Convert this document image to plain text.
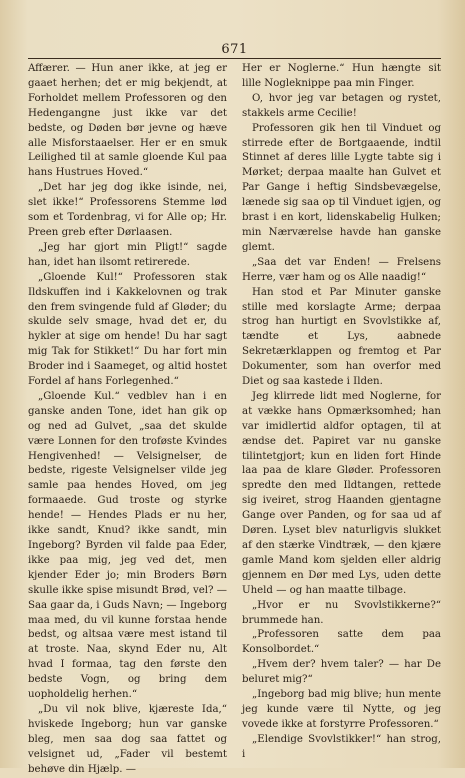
671

Affærer. — Hun aner ikke, at jeg er gaaet herhen; det er mig bekjendt, at Forholdet mellem Professoren og den Hedengangne just ikke var det bedste, og Døden bør jevne og hæve alle Misforstaaelser. Her er en smuk Leilighed til at samle gloende Kul paa hans Hustrues Hoved.“

„Det har jeg dog ikke isinde, nei, slet ikke!“ Professorens Stemme lød som et Tordenbrag, vi for Alle op; Hr. Preen greb efter Dørlaasen.

„Jeg har gjort min Pligt!“ sagde han, idet han ilsomt retirerede.

„Gloende Kul!“ Professoren stak Ildskuffen ind i Kakkelovnen og trak den frem svingende fuld af Gløder; du skulde selv smage, hvad det er, du hykler at sige om hende! Du har sagt mig Tak for Stikket!“ Du har fort min Broder ind i Saameget, og altid hostet Fordel af hans Forlegenhed.“

„Gloende Kul.“ vedblev han i en ganske anden Tone, idet han gik op og ned ad Gulvet, „saa det skulde være Lonnen for den troføste Kvindes Hengivenhed! — Velsignelser, de bedste, rigeste Velsignelser vilde jeg samle paa hendes Hoved, om jeg formaaede. Gud troste og styrke hende! — Hendes Plads er nu her, ikke sandt, Knud? ikke sandt, min Ingeborg? Byrden vil falde paa Eder, ikke paa mig, jeg ved det, men kjender Eder jo; min Broders Børn skulle ikke spise misundt Brød, vel? — Saa gaar da, i Guds Navn; — Ingeborg maa med, du vil kunne forstaa hende bedst, og altsaa være mest istand til at troste. Naa, skynd Eder nu, Alt hvad I formaa, tag den første den bedste Vogn, og bring dem uopholdelig herhen.“

„Du vil nok blive, kjæreste Ida,“ hviskede Ingeborg; hun var ganske bleg, men saa dog saa fattet og velsignet ud, „Fader vil bestemt behøve din Hjælp. —

Her er Noglerne.“ Hun hængte sit lille Nogleknippe paa min Finger.

O, hvor jeg var betagen og rystet, stakkels arme Cecilie!

Professoren gik hen til Vinduet og stirrede efter de Bortgaaende, indtil Stinnet af deres lille Lygte tabte sig i Mørket; derpaa maalte han Gulvet et Par Gange i heftig Sindsbevægelse, lænede sig saa op til Vinduet igjen, og brast i en kort, lidenskabelig Hulken; min Nærværelse havde han ganske glemt.

„Saa det var Enden! — Frelsens Herre, vær ham og os Alle naadig!“

Han stod et Par Minuter ganske stille med korslagte Arme; derpaa strog han hurtigt en Svovlstikke af, tændte et Lys, aabnede Sekretærklappen og fremtog et Par Dokumenter, som han overfor med Diet og saa kastede i Ilden.

Jeg klirrede lidt med Noglerne, for at vække hans Opmærksomhed; han var imidlertid aldfor optagen, til at ændse det. Papiret var nu ganske tilintetgjort; kun en liden fort Hinde laa paa de klare Gløder. Professoren spredte den med Ildtangen, rettede sig iveiret, strog Haanden gjentagne Gange over Panden, og for saa ud af Døren. Lyset blev naturligvis slukket af den stærke Vindtræk, — den kjære gamle Mand kom sjelden eller aldrig gjennem en Dør med Lys, uden dette Uheld — og han maatte tilbage.

„Hvor er nu Svovlstikkerne?“ brummede han.

„Professoren satte dem paa Konsolbordet.“

„Hvem der? hvem taler? — har De beluret mig?“

„Ingeborg bad mig blive; hun mente jeg kunde være til Nytte, og jeg vovede ikke at forstyrre Professoren.“

„Elendige Svovlstikker!“ han strog, i
